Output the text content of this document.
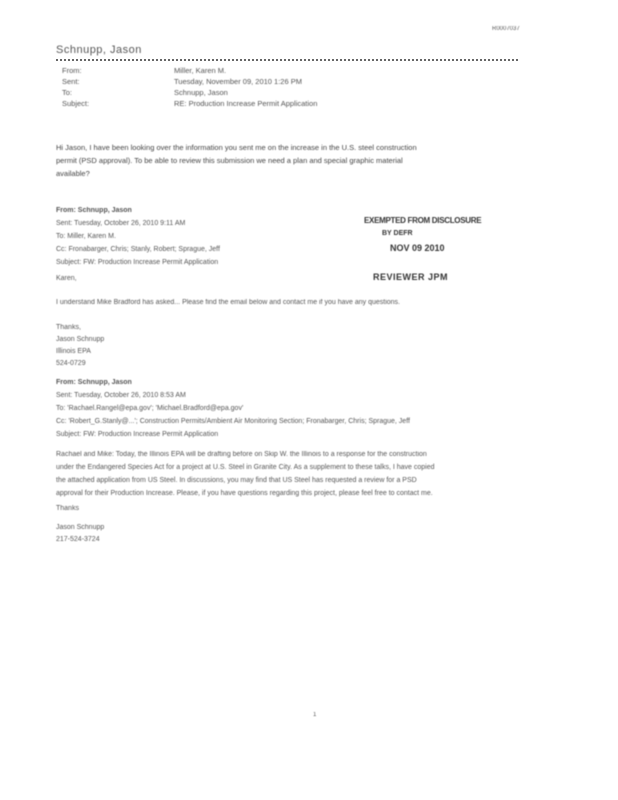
R0007037
Schnupp, Jason
From:	Miller, Karen M.
Sent:	Tuesday, November 09, 2010 1:26 PM
To:	Schnupp, Jason
Subject:	RE: Production Increase Permit Application
Hi Jason, I have been looking over the information you sent me on the increase in the U.S. steel construction
permit (PSD approval). To be able to review this submission we need a plan and special graphic material
available?
From: Schnupp, Jason
Sent: Tuesday, October 26, 2010 9:11 AM
To: Miller, Karen M.
Cc: Fronabarger, Chris; Stanly, Robert; Sprague, Jeff
Subject: FW: Production Increase Permit Application
EXEMPTED FROM DISCLOSURE
BY DEFR
NOV 09 2010
REVIEWER JPM
Karen,
I understand Mike Bradford has asked... Please find the email below and contact me if you have any questions.
Thanks,
Jason Schnupp
Illinois EPA
524-0729
From: Schnupp, Jason
Sent: Tuesday, October 26, 2010 8:53 AM
To: 'Rachael.Rangel@epa.gov'; 'Michael.Bradford@epa.gov'
Cc: 'Robert_G.Stanly@...'; Construction Permits/Ambient Air Monitoring Section; Fronabarger, Chris; Sprague, Jeff
Subject: FW: Production Increase Permit Application
Rachael and Mike: Today, the Illinois EPA will be drafting before on Skip W. the Illinois to a response for the construction
under the Endangered Species Act for a project at U.S. Steel in Granite City. As a supplement to these talks, I have copied
the attached application from US Steel. In discussions, you may find that US Steel has requested a review for a PSD
approval for their Production Increase. Please, if you have questions regarding this project, please feel free to contact me.
Thanks
Jason Schnupp
217-524-3724
1
